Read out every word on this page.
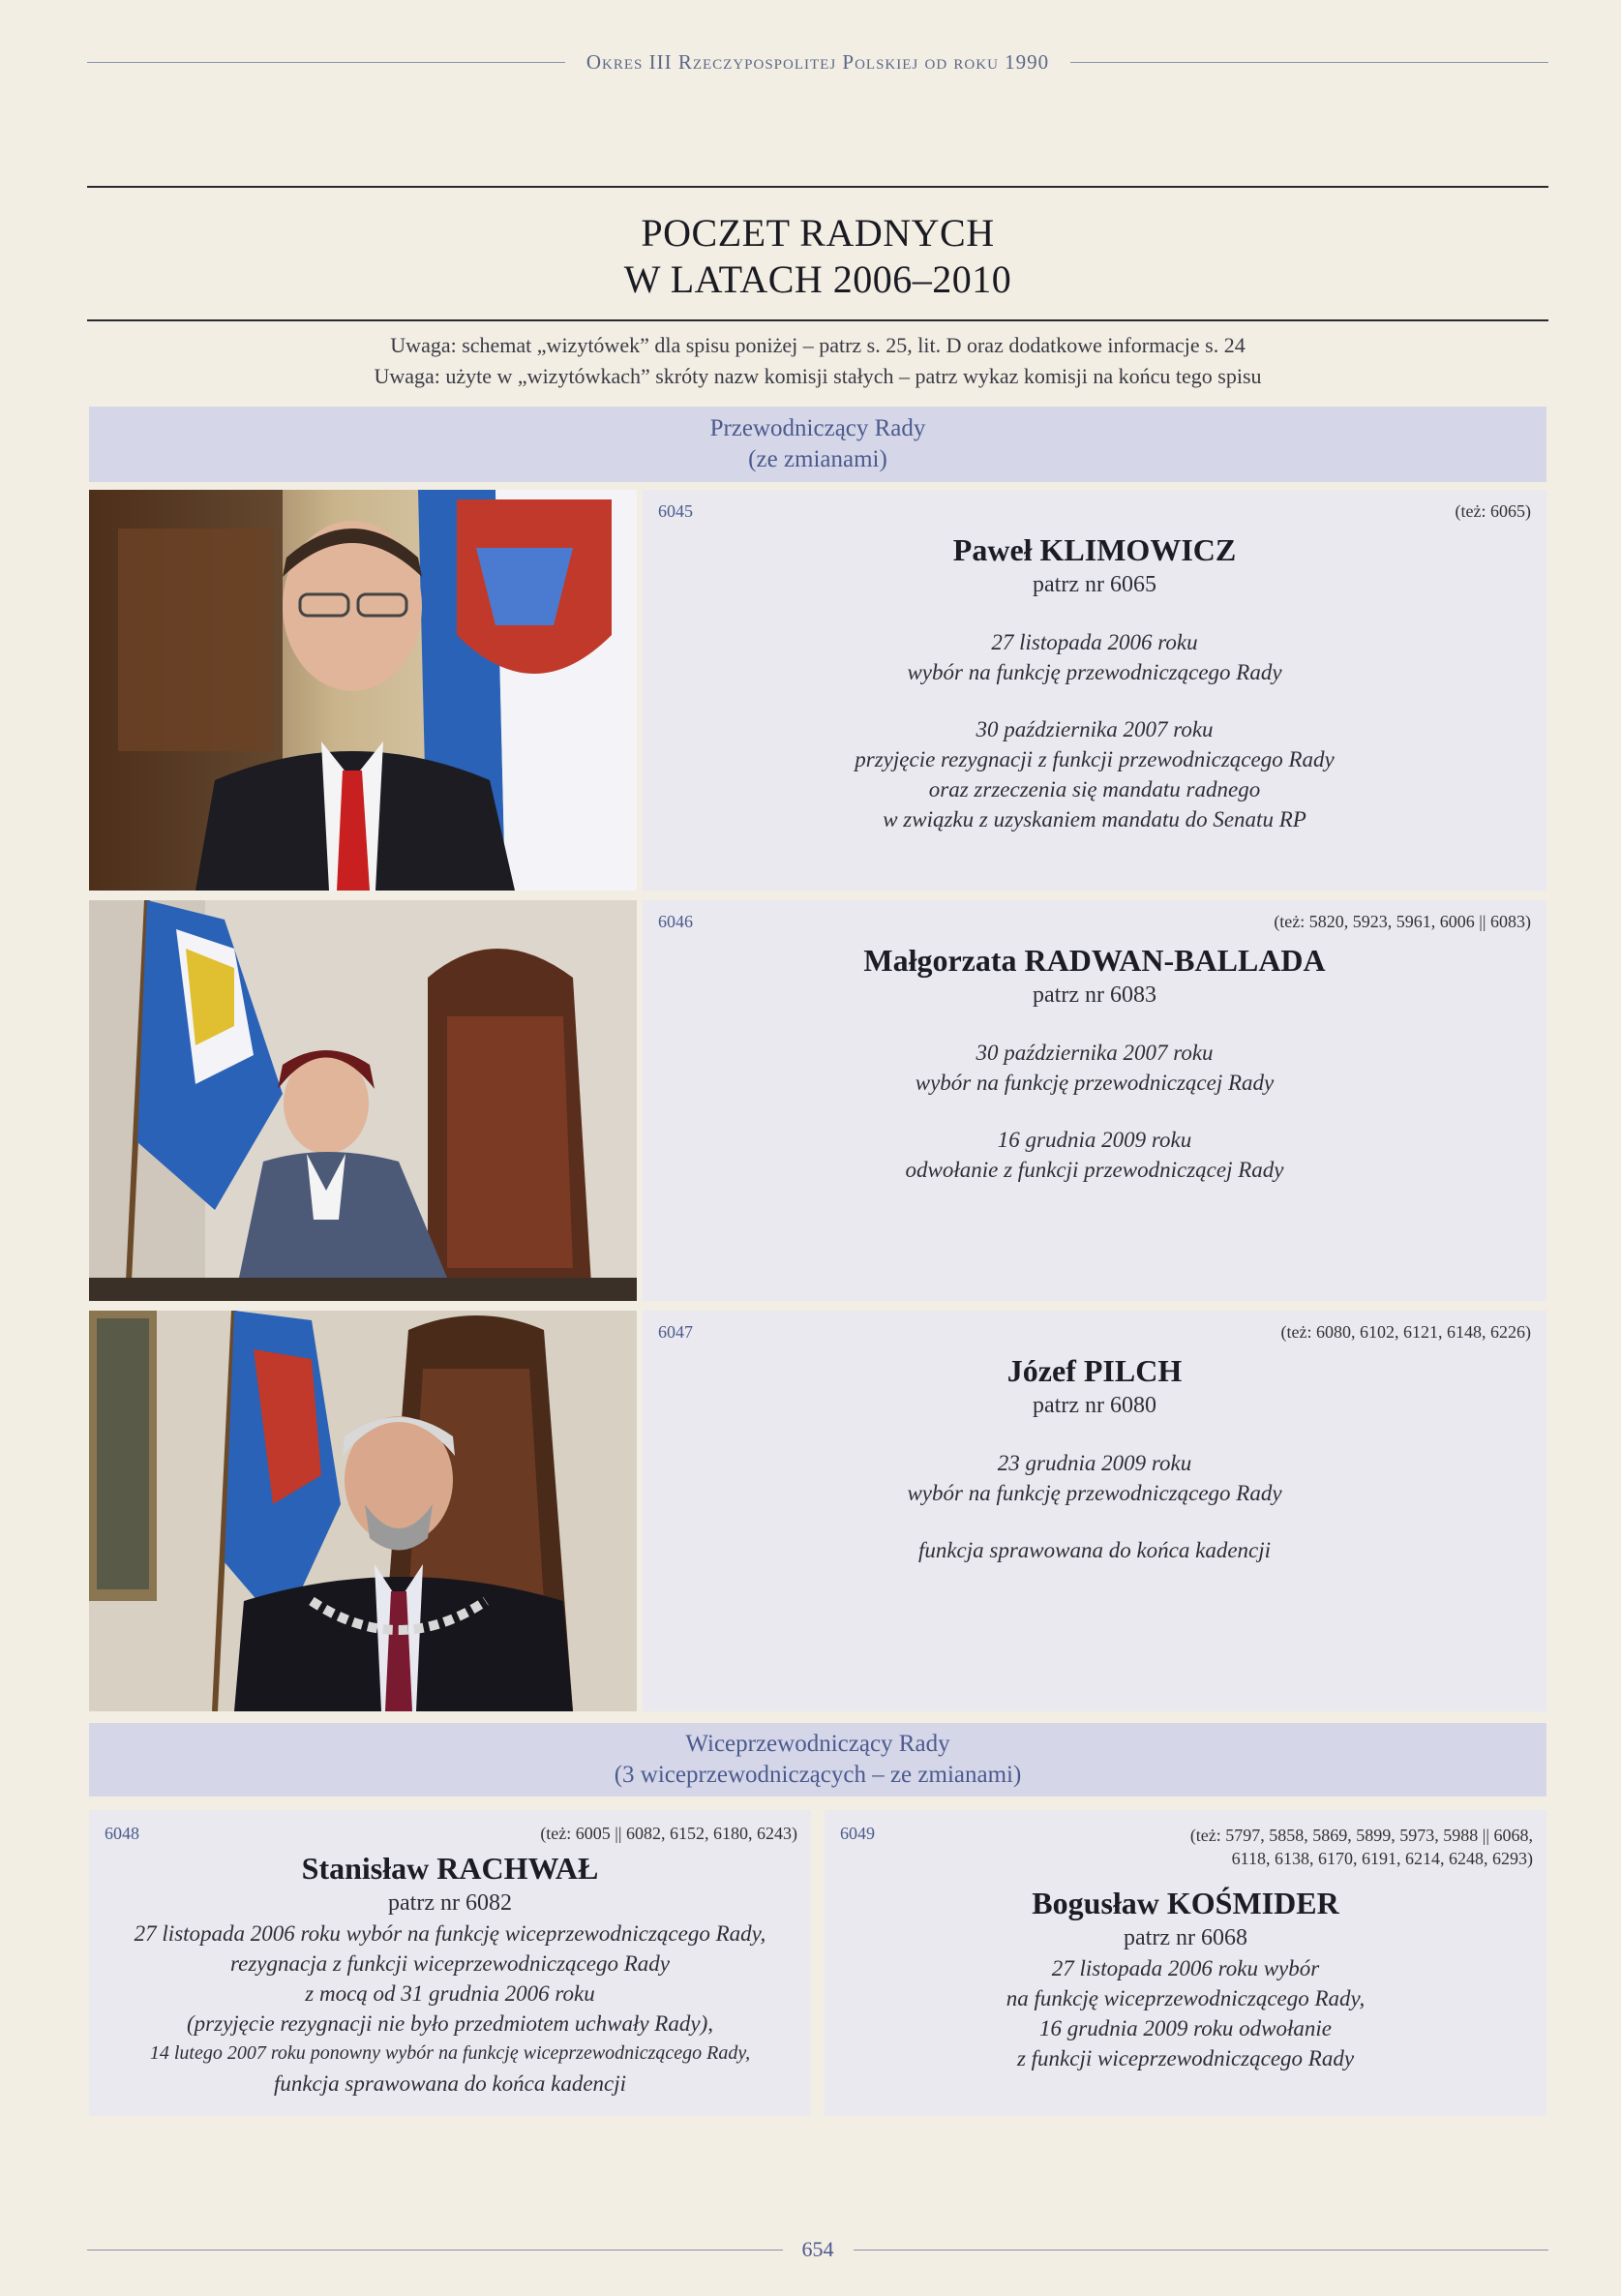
Okres III Rzeczypospolitej Polskiej od roku 1990
POCZET RADNYCH
W LATACH 2006–2010
Uwaga: schemat „wizytówek” dla spisu poniżej – patrz s. 25, lit. D oraz dodatkowe informacje s. 24
Uwaga: użyte w „wizytówkach” skróty nazw komisji stałych – patrz wykaz komisji na końcu tego spisu
Przewodniczący Rady
(ze zmianami)
6045	(też: 6065)
Paweł KLIMOWICZ
patrz nr 6065
27 listopada 2006 roku
wybór na funkcję przewodniczącego Rady
30 października 2007 roku
przyjęcie rezygnacji z funkcji przewodniczącego Rady
oraz zrzeczenia się mandatu radnego
w związku z uzyskaniem mandatu do Senatu RP
6046	(też: 5820, 5923, 5961, 6006 || 6083)
Małgorzata RADWAN-BALLADA
patrz nr 6083
30 października 2007 roku
wybór na funkcję przewodniczącej Rady
16 grudnia 2009 roku
odwołanie z funkcji przewodniczącej Rady
6047	(też: 6080, 6102, 6121, 6148, 6226)
Józef PILCH
patrz nr 6080
23 grudnia 2009 roku
wybór na funkcję przewodniczącego Rady
funkcja sprawowana do końca kadencji
Wiceprzewodniczący Rady
(3 wiceprzewodniczących – ze zmianami)
6048	(też: 6005 || 6082, 6152, 6180, 6243)
Stanisław RACHWAŁ
patrz nr 6082
27 listopada 2006 roku wybór na funkcję wiceprzewodniczącego Rady,
rezygnacja z funkcji wiceprzewodniczącego Rady
z mocą od 31 grudnia 2006 roku
(przyjęcie rezygnacji nie było przedmiotem uchwały Rady),
14 lutego 2007 roku ponowny wybór na funkcję wiceprzewodniczącego Rady,
funkcja sprawowana do końca kadencji
6049	(też: 5797, 5858, 5869, 5899, 5973, 5988 || 6068,
6118, 6138, 6170, 6191, 6214, 6248, 6293)
Bogusław KOŚMIDER
patrz nr 6068
27 listopada 2006 roku wybór
na funkcję wiceprzewodniczącego Rady,
16 grudnia 2009 roku odwołanie
z funkcji wiceprzewodniczącego Rady
654
